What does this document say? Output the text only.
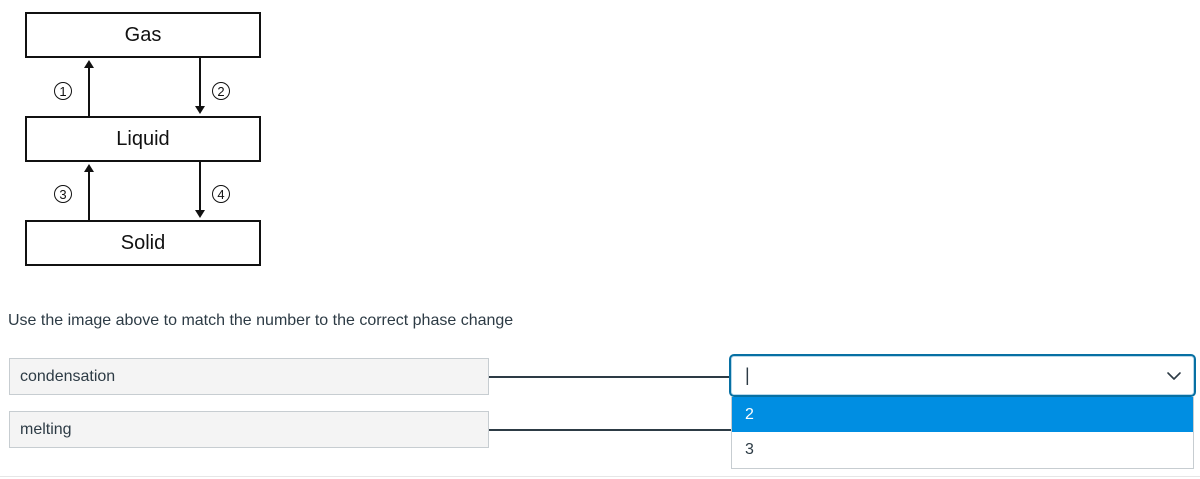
Gas
Liquid
Solid
1	2
3	4
Use the image above to match the number to the correct phase change
condensation
melting
|
2
3
